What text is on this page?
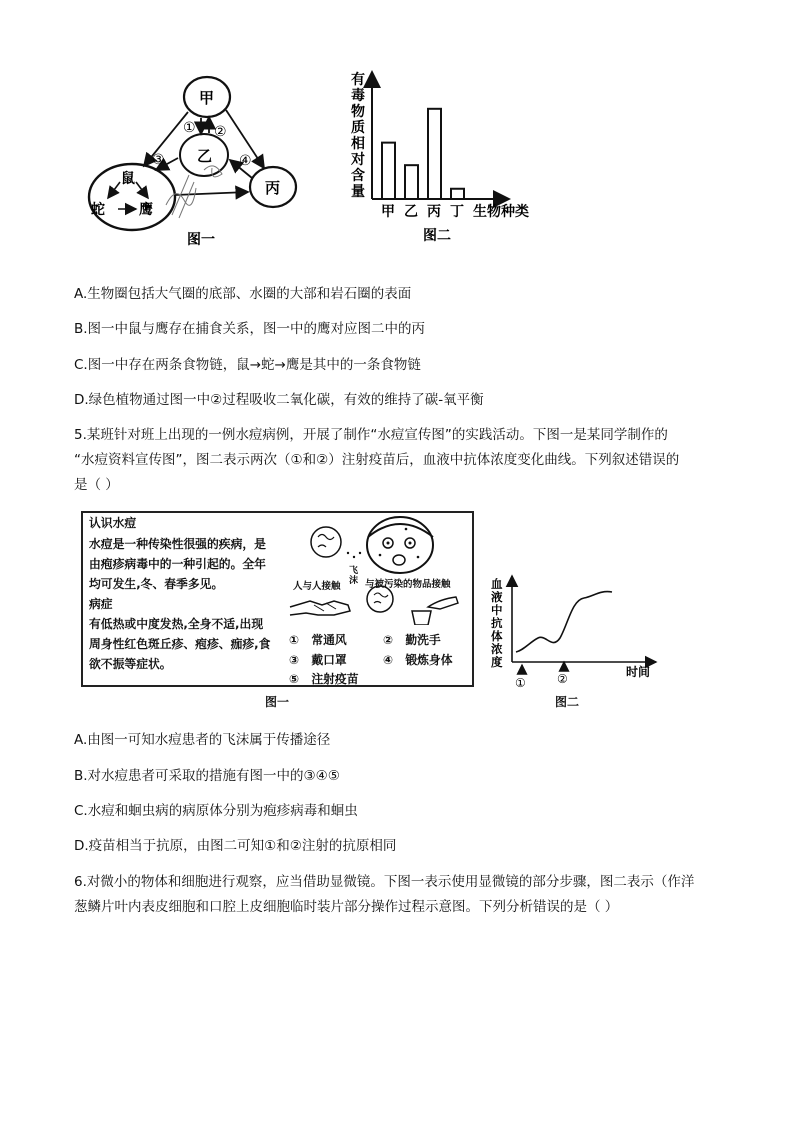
甲
乙
丙
鼠
蛇 鹰
① ②
③	④
图一
有
毒
物
质
相
对
含
量
甲 乙 丙 丁 生物种类
图二
A.生物圈包括大气圈的底部、水圈的大部和岩石圈的表面
B.图一中鼠与鹰存在捕食关系，图一中的鹰对应图二中的丙
C.图一中存在两条食物链，鼠→蛇→鹰是其中的一条食物链
D.绿色植物通过图一中②过程吸收二氧化碳，有效的维持了碳-氧平衡
5.某班针对班上出现的一例水痘病例，开展了制作“水痘宣传图”的实践活动。下图一是某同学制作的
“水痘资料宣传图”，图二表示两次（①和②）注射疫苗后，血液中抗体浓度变化曲线。下列叙述错误的
是（ ）
认识水痘
水痘是一种传染性很强的疾病，是
由疱疹病毒中的一种引起的。全年
均可发生,冬、春季多见。
病症
有低热或中度发热,全身不适,出现
周身性红色斑丘疹、疱疹、痂疹,食
欲不振等症状。
飞沫
人与人接触	与被污染的物品接触
① 常通风	② 勤洗手
③ 戴口罩	④ 锻炼身体
⑤ 注射疫苗
图一
血
液
中
抗
体
浓
度
①	②	时间
图二
A.由图一可知水痘患者的飞沫属于传播途径
B.对水痘患者可采取的措施有图一中的③④⑤
C.水痘和蛔虫病的病原体分别为疱疹病毒和蛔虫
D.疫苗相当于抗原，由图二可知①和②注射的抗原相同
6.对微小的物体和细胞进行观察，应当借助显微镜。下图一表示使用显微镜的部分步骤，图二表示（作洋
葱鳞片叶内表皮细胞和口腔上皮细胞临时装片部分操作过程示意图。下列分析错误的是（ ）
